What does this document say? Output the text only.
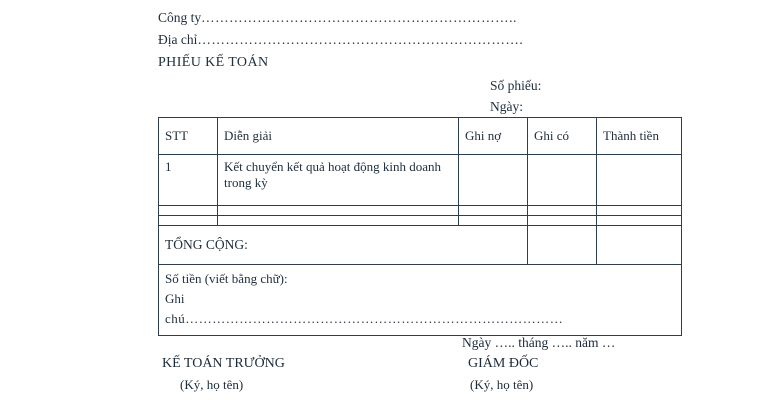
Công ty…………………………………………………………..
Địa chỉ…………………………………………………………….
PHIẾU KẾ TOÁN
Số phiếu:
Ngày:
STT	Diễn giải	Ghi nợ	Ghi có	Thành tiền
1	Kết chuyển kết quả hoạt động kinh doanh trong kỳ			

TỔNG CỘNG:				

Số tiền (viết bằng chữ):
Ghi
chú…………………………………………………………………………				
Ngày ….. tháng ….. năm …
KẾ TOÁN TRƯỞNG
(Ký, họ tên)
GIÁM ĐỐC
(Ký, họ tên)
